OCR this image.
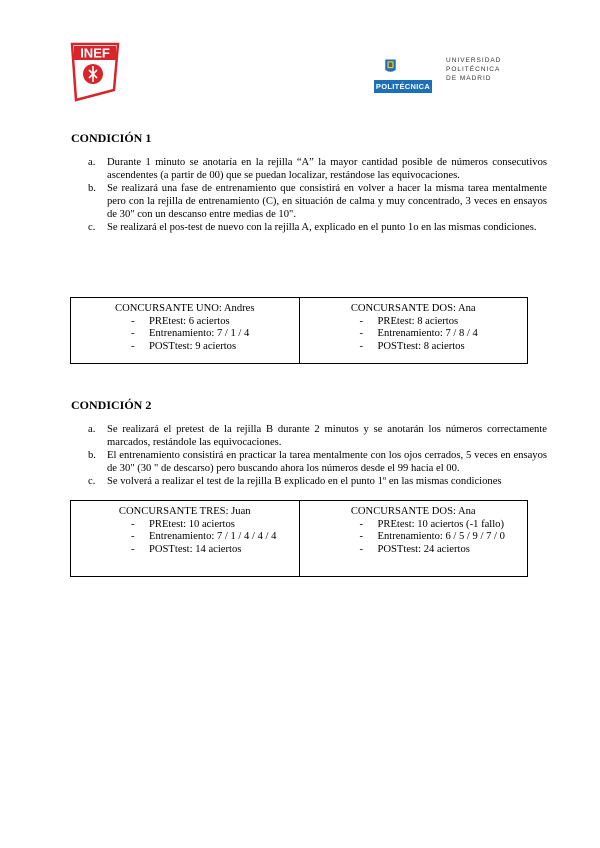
INEF
POLITÉCNICA
UNIVERSIDAD
POLITÉCNICA
DE MADRID
CONDICIÓN 1
a. Durante 1 minuto se anotaría en la rejilla “A” la mayor cantidad posible de números consecutivos ascendentes (a partir de 00) que se puedan localizar, restándose las equivocaciones.
b. Se realizará una fase de entrenamiento que consistirá en volver a hacer la misma tarea mentalmente pero con la rejilla de entrenamiento (C), en situación de calma y muy concentrado, 3 veces en ensayos de 30" con un descanso entre medias de 10".
c. Se realizará el pos-test de nuevo con la rejilla A, explicado en el punto 1o en las mismas condiciones.
CONCURSANTE UNO: Andres
- PREtest: 6 aciertos
- Entrenamiento: 7 / 1 / 4
- POSTtest: 9 aciertos
CONCURSANTE DOS: Ana
- PREtest: 8 aciertos
- Entrenamiento: 7 / 8 / 4
- POSTtest: 8 aciertos
CONDICIÓN 2
a. Se realizará el pretest de la rejilla B durante 2 minutos y se anotarán los números correctamente marcados, restándole las equivocaciones.
b. El entrenamiento consistirá en practicar la tarea mentalmente con los ojos cerrados, 5 veces en ensayos de 30" (30 " de descarso) pero buscando ahora los números desde el 99 hacia el 00.
c. Se volverá a realizar el test de la rejilla B explicado en el punto 1º en las mismas condiciones
CONCURSANTE TRES: Juan
- PREtest: 10 aciertos
- Entrenamiento: 7 / 1 / 4 / 4 / 4
- POSTtest: 14 aciertos
CONCURSANTE DOS: Ana
- PREtest: 10 aciertos (-1 fallo)
- Entrenamiento: 6 / 5 / 9 / 7 / 0
- POSTtest: 24 aciertos
